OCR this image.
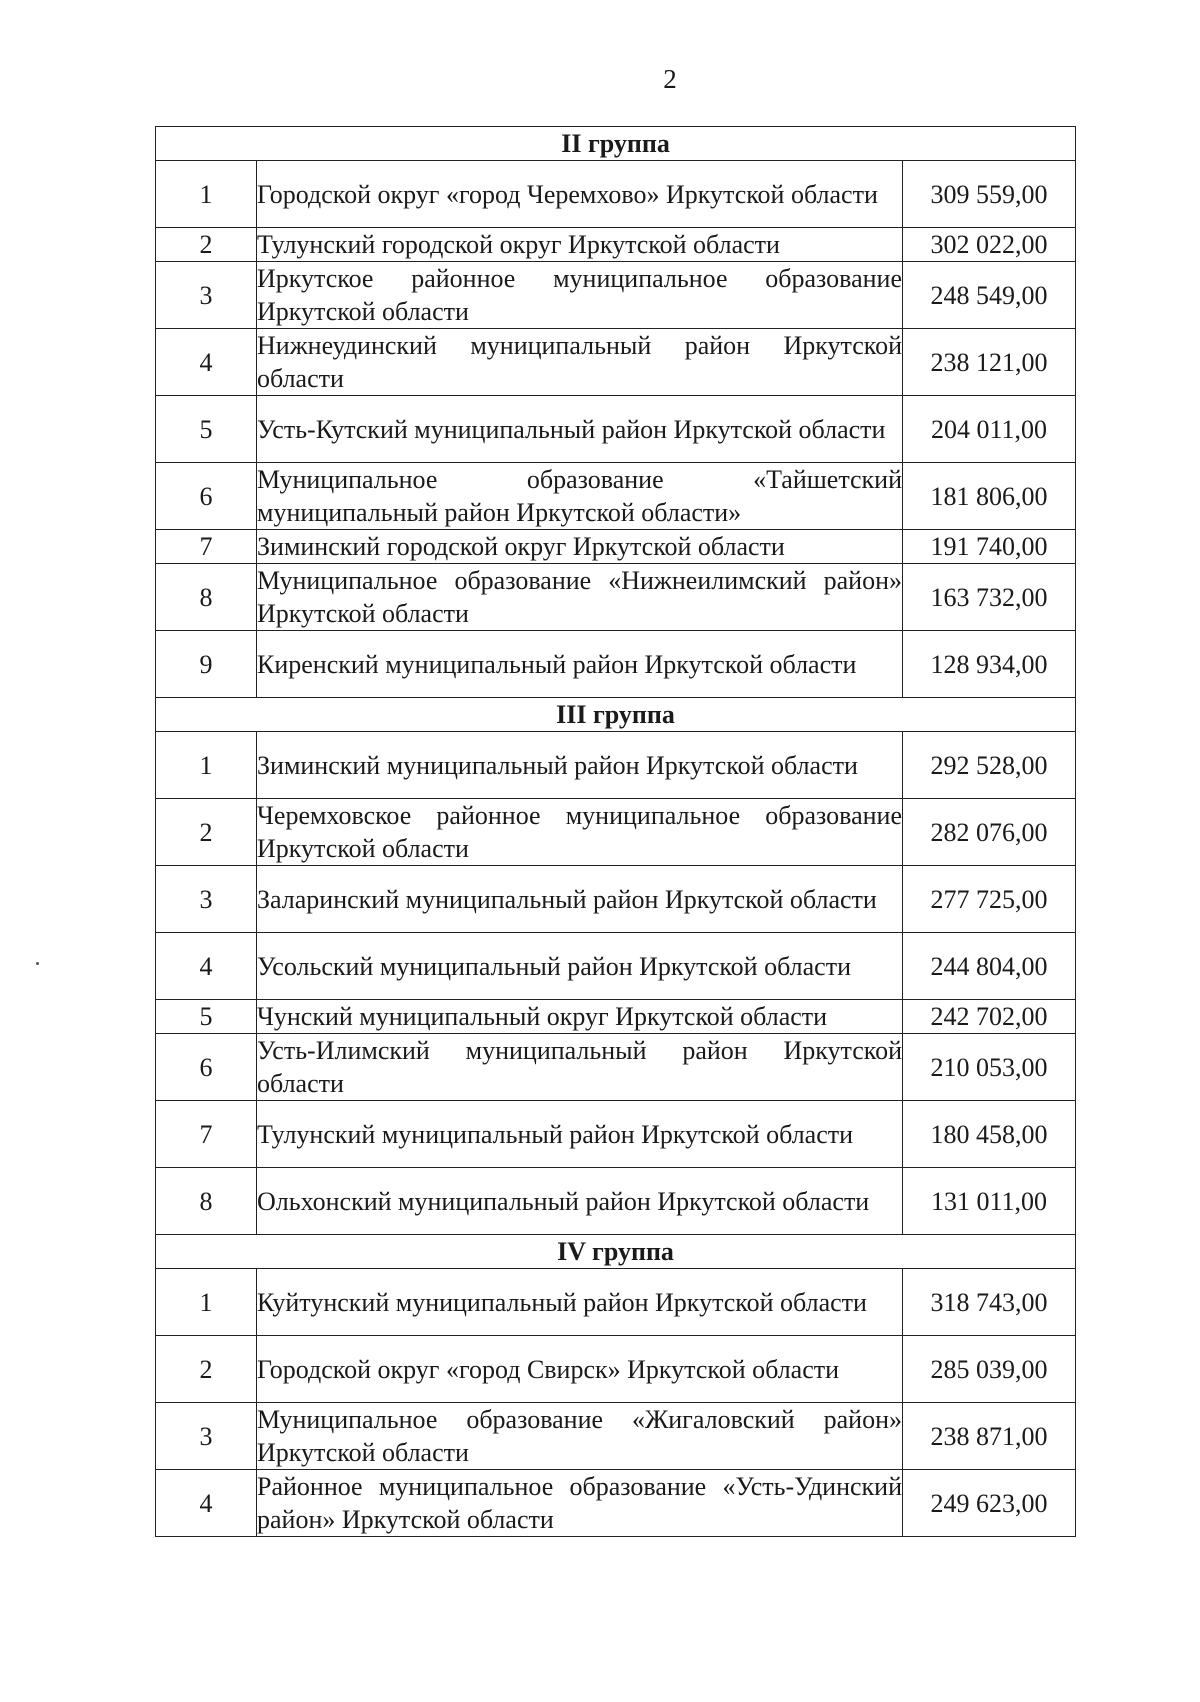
2
II группа		
1	Городской округ «город Черемхово» Иркутской области	309 559,00
2	Тулунский городской округ Иркутской области	302 022,00
3	Иркутское районное муниципальное образование Иркутской области	248 549,00
4	Нижнеудинский муниципальный район Иркутской области	238 121,00
5	Усть-Кутский муниципальный район Иркутской области	204 011,00
6	Муниципальное образование «Тайшетский муниципальный район Иркутской области»	181 806,00
7	Зиминский городской округ Иркутской области	191 740,00
8	Муниципальное образование «Нижнеилимский район» Иркутской области	163 732,00
9	Киренский муниципальный район Иркутской области	128 934,00
III группа		
1	Зиминский муниципальный район Иркутской области	292 528,00
2	Черемховское районное муниципальное образование Иркутской области	282 076,00
3	Заларинский муниципальный район Иркутской области	277 725,00
4	Усольский муниципальный район Иркутской области	244 804,00
5	Чунский муниципальный округ Иркутской области	242 702,00
6	Усть-Илимский муниципальный район Иркутской области	210 053,00
7	Тулунский муниципальный район Иркутской области	180 458,00
8	Ольхонский муниципальный район Иркутской области	131 011,00
IV группа		
1	Куйтунский муниципальный район Иркутской области	318 743,00
2	Городской округ «город Свирск» Иркутской области	285 039,00
3	Муниципальное образование «Жигаловский район» Иркутской области	238 871,00
4	Районное муниципальное образование «Усть-Удинский район» Иркутской области	249 623,00
